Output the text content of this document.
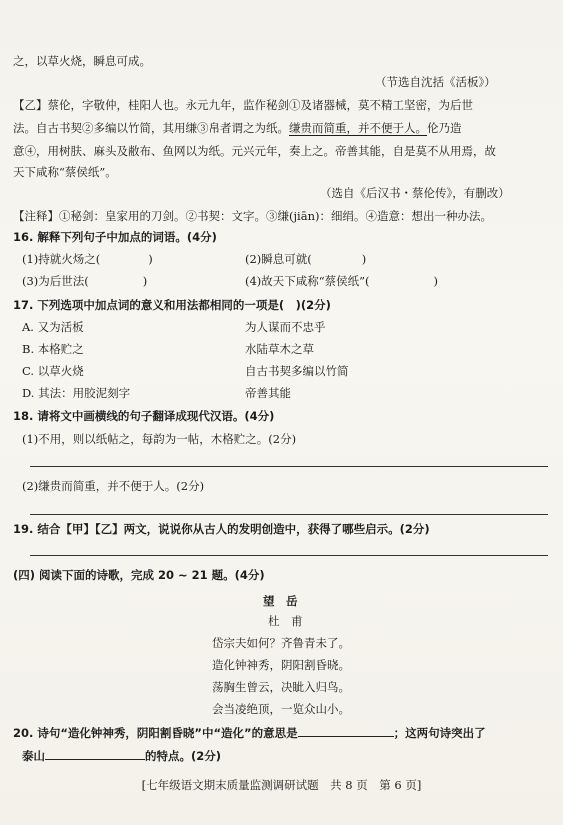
之，以草火烧，瞬息可成。
（节选自沈括《活板》）
【乙】蔡伦，字敬仲，桂阳人也。永元九年，监作秘剑①及诸器械，莫不精工坚密，为后世
法。自古书契②多编以竹简，其用缣③帛者谓之为纸。缣贵而简重，并不便于人。伦乃造
意④，用树肤、麻头及敝布、鱼网以为纸。元兴元年，奏上之。帝善其能，自是莫不从用焉，故
天下咸称“蔡侯纸”。
（选自《后汉书・蔡伦传》，有删改）
【注释】①秘剑：皇家用的刀剑。②书契：文字。③缣(jiān)：细绢。④造意：想出一种办法。
16. 解释下列句子中加点的词语。(4分)
(1)持就火炀之(	)	(2)瞬息可就(	)
(3)为后世法(	)	(4)故天下咸称“蔡侯纸”(	)
17. 下列选项中加点词的意义和用法都相同的一项是(　)(2分)
A. 又为活板	为人谋而不忠乎
B. 本格贮之	水陆草木之草
C. 以草火烧	自古书契多编以竹简
D. 其法：用胶泥刻字	帝善其能
18. 请将文中画横线的句子翻译成现代汉语。(4分)
(1)不用，则以纸帖之，每韵为一帖，木格贮之。(2分)
(2)缣贵而简重，并不便于人。(2分)
19. 结合【甲】【乙】两文，说说你从古人的发明创造中，获得了哪些启示。(2分)
(四) 阅读下面的诗歌，完成 20 ~ 21 题。(4分)
望　岳
杜　甫
岱宗夫如何？齐鲁青未了。
造化钟神秀，阴阳割昏晓。
荡胸生曾云，决眦入归鸟。
会当凌绝顶，一览众山小。
20. 诗句“造化钟神秀，阴阳割昏晓”中“造化”的意思是	；这两句诗突出了
泰山	的特点。(2分)
[七年级语文期末质量监测调研试题　共 8 页　第 6 页]
